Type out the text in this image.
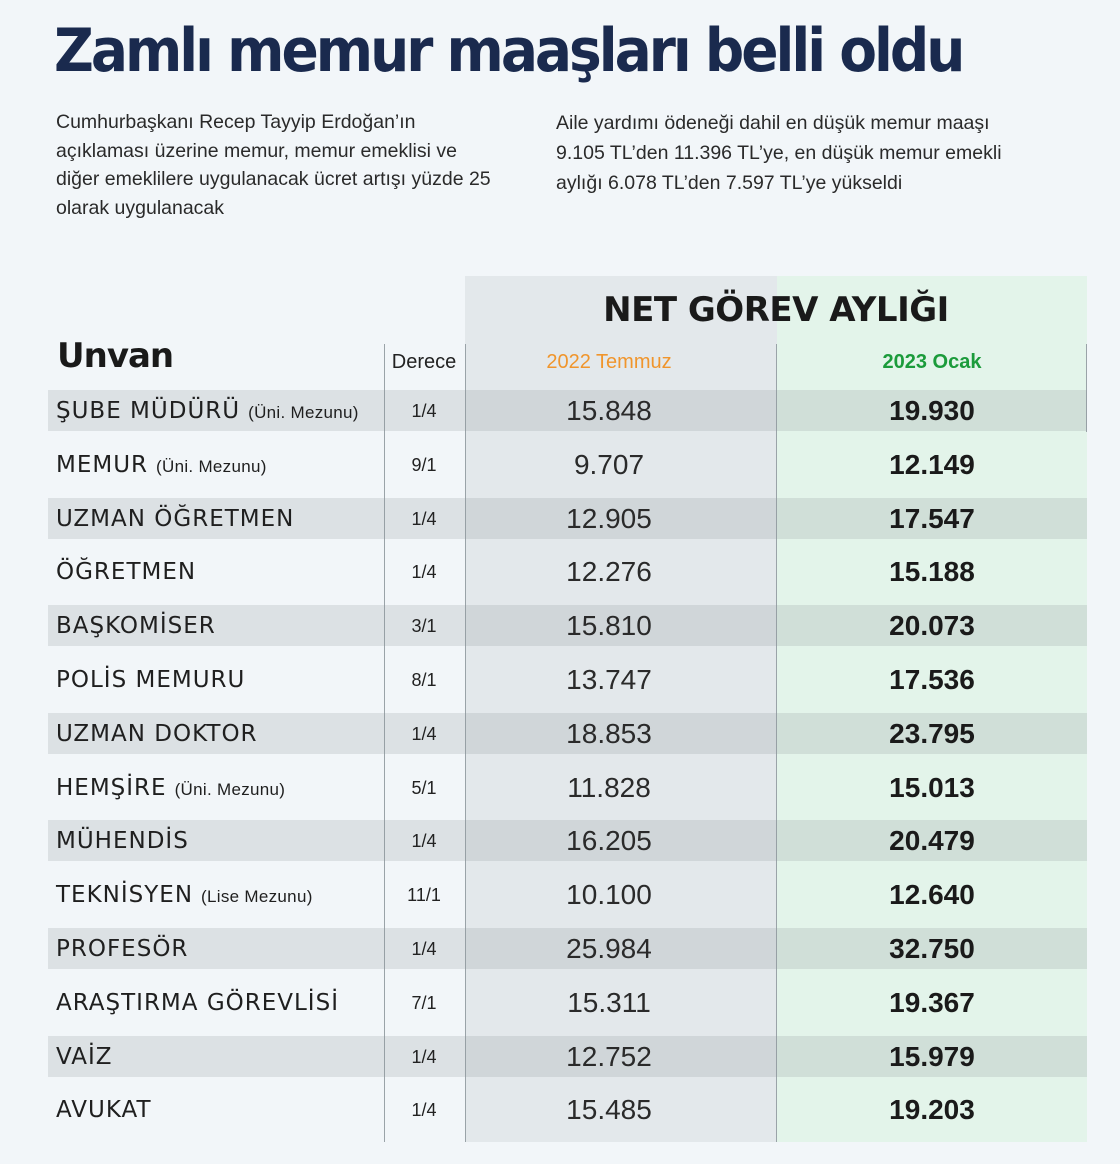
Zamlı memur maaşları belli oldu

Cumhurbaşkanı Recep Tayyip Erdoğan’ın açıklaması üzerine memur, memur emeklisi ve diğer emeklilere uygulanacak ücret artışı yüzde 25 olarak uygulanacak

Aile yardımı ödeneği dahil en düşük memur maaşı 9.105 TL’den 11.396 TL’ye, en düşük memur emekli aylığı 6.078 TL’den 7.597 TL’ye yükseldi

NET GÖREV AYLIĞI
Unvan	Derece	2022 Temmuz	2023 Ocak
ŞUBE MÜDÜRÜ (Üni. Mezunu)	1/4	15.848	19.930
MEMUR (Üni. Mezunu)	9/1	9.707	12.149
UZMAN ÖĞRETMEN	1/4	12.905	17.547
ÖĞRETMEN	1/4	12.276	15.188
BAŞKOMİSER	3/1	15.810	20.073
POLİS MEMURU	8/1	13.747	17.536
UZMAN DOKTOR	1/4	18.853	23.795
HEMŞİRE (Üni. Mezunu)	5/1	11.828	15.013
MÜHENDİS	1/4	16.205	20.479
TEKNİSYEN (Lise Mezunu)	11/1	10.100	12.640
PROFESÖR	1/4	25.984	32.750
ARAŞTIRMA GÖREVLİSİ	7/1	15.311	19.367
VAİZ	1/4	12.752	15.979
AVUKAT	1/4	15.485	19.203
